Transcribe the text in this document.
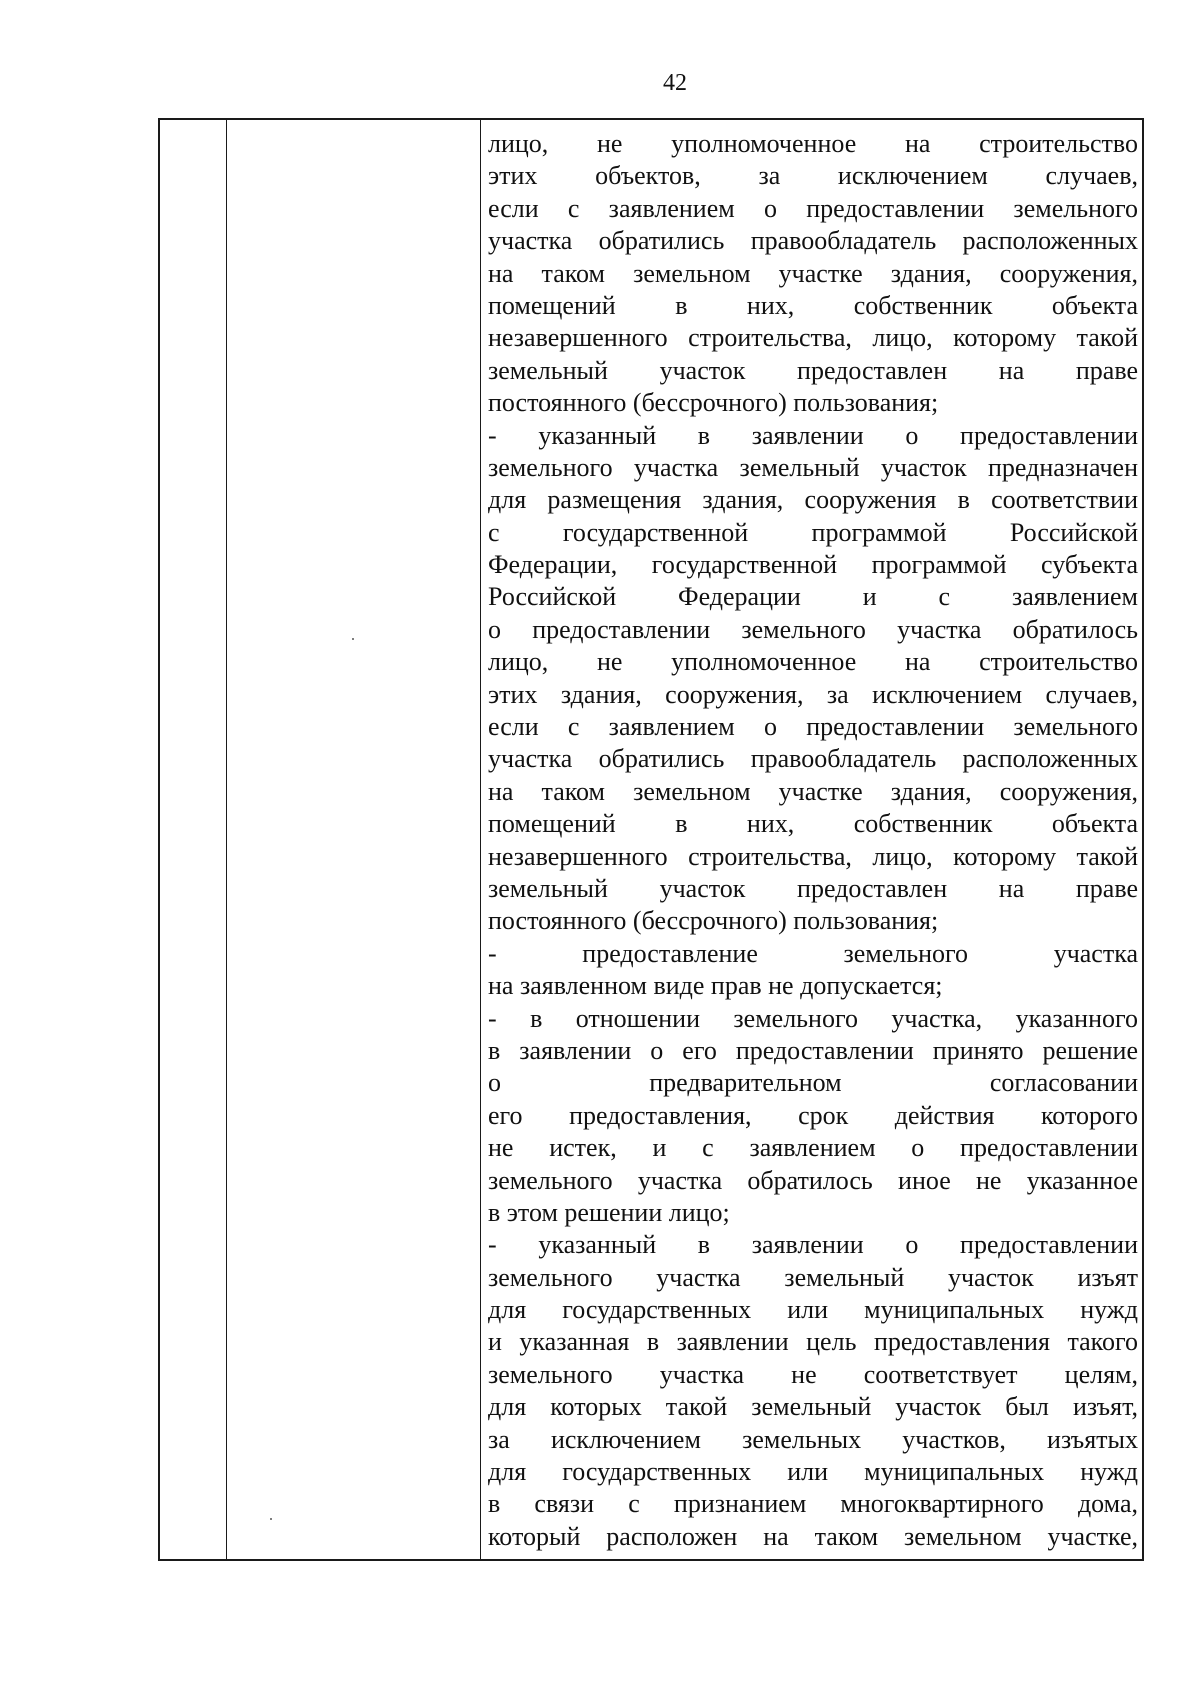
42

лицо, не уполномоченное на строительство

этих объектов, за исключением случаев,

если с заявлением о предоставлении земельного

участка обратились правообладатель расположенных

на таком земельном участке здания, сооружения,

помещений в них, собственник объекта

незавершенного строительства, лицо, которому такой

земельный участок предоставлен на праве

постоянного (бессрочного) пользования;

- указанный в заявлении о предоставлении

земельного участка земельный участок предназначен

для размещения здания, сооружения в соответствии

с государственной программой Российской

Федерации, государственной программой субъекта

Российской Федерации и с заявлением

о предоставлении земельного участка обратилось

лицо, не уполномоченное на строительство

этих здания, сооружения, за исключением случаев,

если с заявлением о предоставлении земельного

участка обратились правообладатель расположенных

на таком земельном участке здания, сооружения,

помещений в них, собственник объекта

незавершенного строительства, лицо, которому такой

земельный участок предоставлен на праве

постоянного (бессрочного) пользования;

- предоставление земельного участка

на заявленном виде прав не допускается;

- в отношении земельного участка, указанного

в заявлении о его предоставлении принято решение

о предварительном согласовании

его предоставления, срок действия которого

не истек, и с заявлением о предоставлении

земельного участка обратилось иное не указанное

в этом решении лицо;

- указанный в заявлении о предоставлении

земельного участка земельный участок изъят

для государственных или муниципальных нужд

и указанная в заявлении цель предоставления такого

земельного участка не соответствует целям,

для которых такой земельный участок был изъят,

за исключением земельных участков, изъятых

для государственных или муниципальных нужд

в связи с признанием многоквартирного дома,

который расположен на таком земельном участке,
